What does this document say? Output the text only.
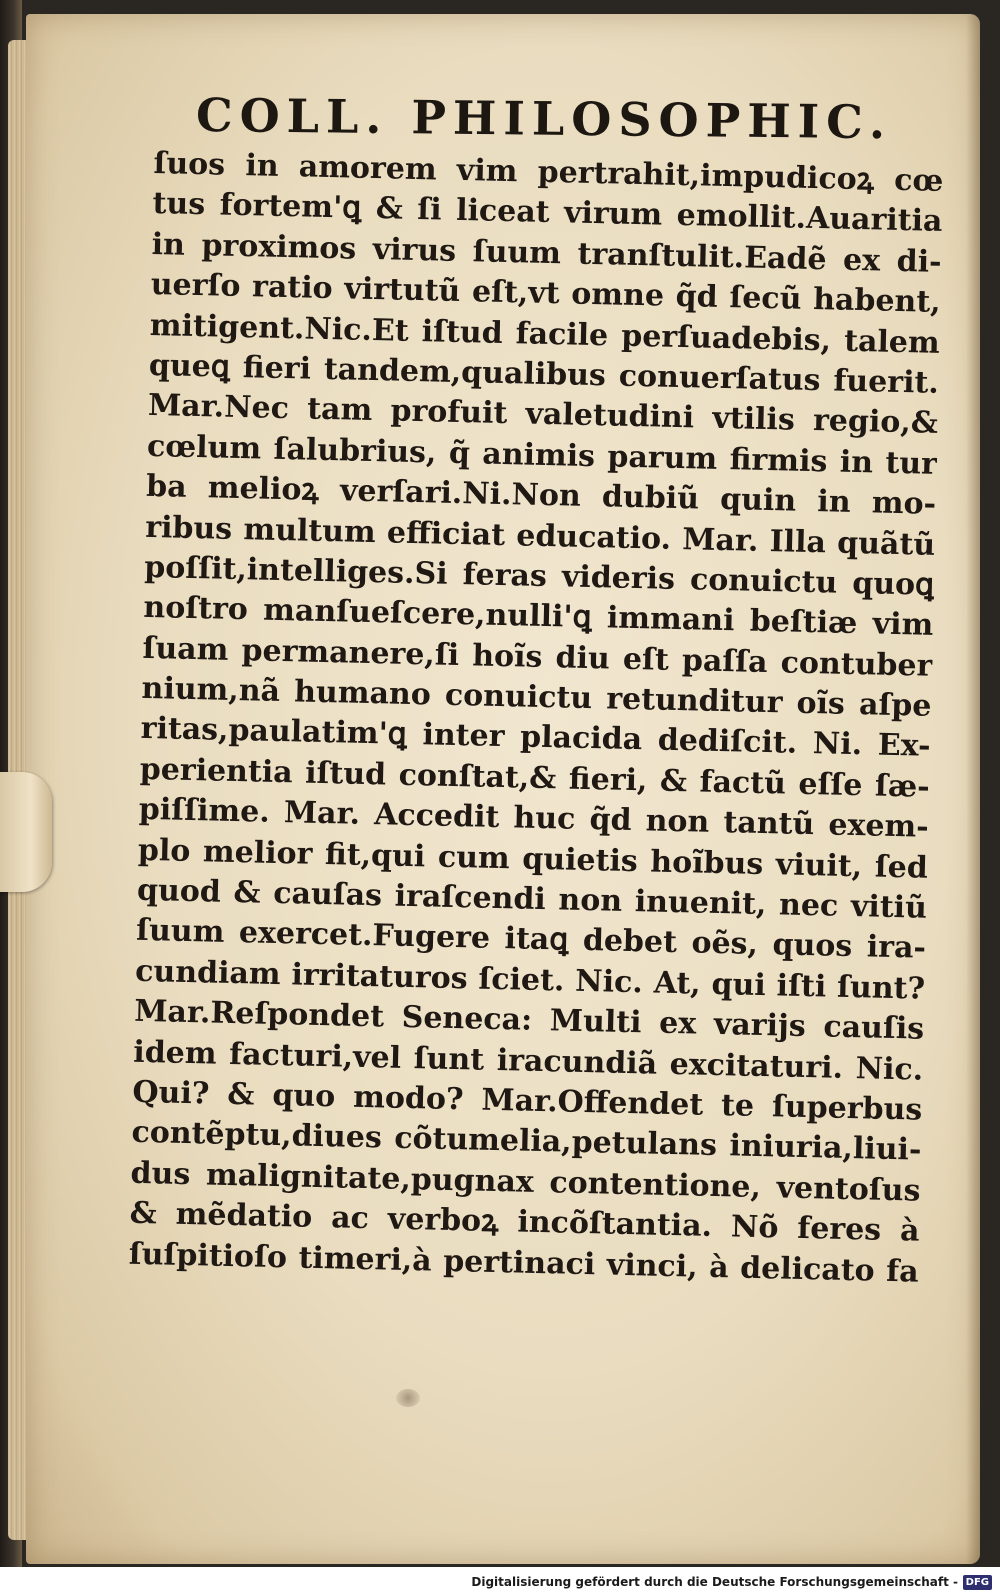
COLL. PHILOSOPHIC.
ſuos in amorem vim pertrahit,impudicoꝝ cœ
tus fortem'ꝗ & ſi liceat virum emollit.Auaritia
in proximos virus ſuum tranſtulit.Eadẽ ex di-
uerſo ratio virtutũ eſt,vt omne q̃d ſecũ habent,
mitigent.Nic.Et iſtud facile perſuadebis, talem
queꝗ fieri tandem,qualibus conuerſatus fuerit.
Mar.Nec tam profuit valetudini vtilis regio,&
cœlum ſalubrius, q̃ animis parum firmis in tur
ba melioꝝ verſari.Ni.Non dubiũ quin in mo-
ribus multum efficiat educatio. Mar. Illa quãtũ
poſſit,intelliges.Si feras videris conuictu quoꝗ
noſtro manſueſcere,nulli'ꝗ immani beſtiæ vim
ſuam permanere,ſi hoĩs diu eſt paſſa contuber
nium,nã humano conuictu retunditur oĩs aſpe
ritas,paulatim'ꝗ inter placida dediſcit. Ni. Ex-
perientia iſtud conſtat,& fieri, & factũ eſſe ſæ-
piſſime. Mar. Accedit huc q̃d non tantũ exem-
plo melior fit,qui cum quietis hoĩbus viuit, ſed
quod & cauſas iraſcendi non inuenit, nec vitiũ
ſuum exercet.Fugere itaꝗ debet oẽs, quos ira-
cundiam irritaturos ſciet. Nic. At, qui iſti ſunt?
Mar.Reſpondet Seneca: Multi ex varijs cauſis
idem facturi,vel ſunt iracundiã excitaturi. Nic.
Qui? & quo modo? Mar.Offendet te ſuperbus
contẽptu,diues cõtumelia,petulans iniuria,liui-
dus malignitate,pugnax contentione, ventoſus
& mẽdatio ac verboꝝ incõſtantia. Nõ feres à
ſuſpitioſo timeri,à pertinaci vinci, à delicato fa
Digitalisierung gefördert durch die Deutsche Forschungsgemeinschaft - DFG
